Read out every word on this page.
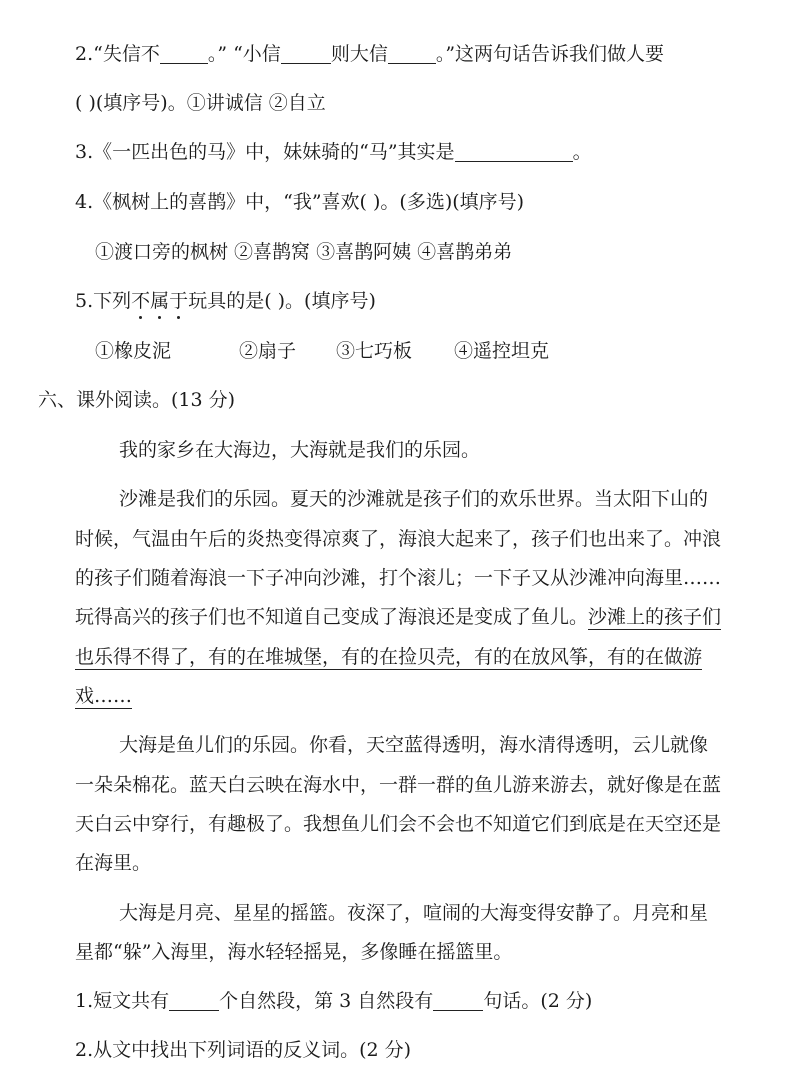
2.“失信不	。” “小信	则大信	。”这两句话告诉我们做人要
( )(填序号)。①讲诚信 ②自立
3.《一匹出色的马》中，妹妹骑的“马”其实是	。
4.《枫树上的喜鹊》中，“我”喜欢( )。(多选)(填序号)
①渡口旁的枫树 ②喜鹊窝 ③喜鹊阿姨 ④喜鹊弟弟
5.下列不属于玩具的是( )。(填序号)
①橡皮泥	②扇子 ③七巧板 ④遥控坦克
六、课外阅读。(13 分)
我的家乡在大海边，大海就是我们的乐园。
沙滩是我们的乐园。夏天的沙滩就是孩子们的欢乐世界。当太阳下山的
时候，气温由午后的炎热变得凉爽了，海浪大起来了，孩子们也出来了。冲浪
的孩子们随着海浪一下子冲向沙滩，打个滚儿；一下子又从沙滩冲向海里……
玩得高兴的孩子们也不知道自己变成了海浪还是变成了鱼儿。沙滩上的孩子们
也乐得不得了，有的在堆城堡，有的在捡贝壳，有的在放风筝，有的在做游
戏……
大海是鱼儿们的乐园。你看，天空蓝得透明，海水清得透明，云儿就像
一朵朵棉花。蓝天白云映在海水中，一群一群的鱼儿游来游去，就好像是在蓝
天白云中穿行，有趣极了。我想鱼儿们会不会也不知道它们到底是在天空还是
在海里。
大海是月亮、星星的摇篮。夜深了，喧闹的大海变得安静了。月亮和星
星都“躲”入海里，海水轻轻摇晃，多像睡在摇篮里。
1.短文共有	个自然段，第 3 自然段有	句话。(2 分)
2.从文中找出下列词语的反义词。(2 分)
